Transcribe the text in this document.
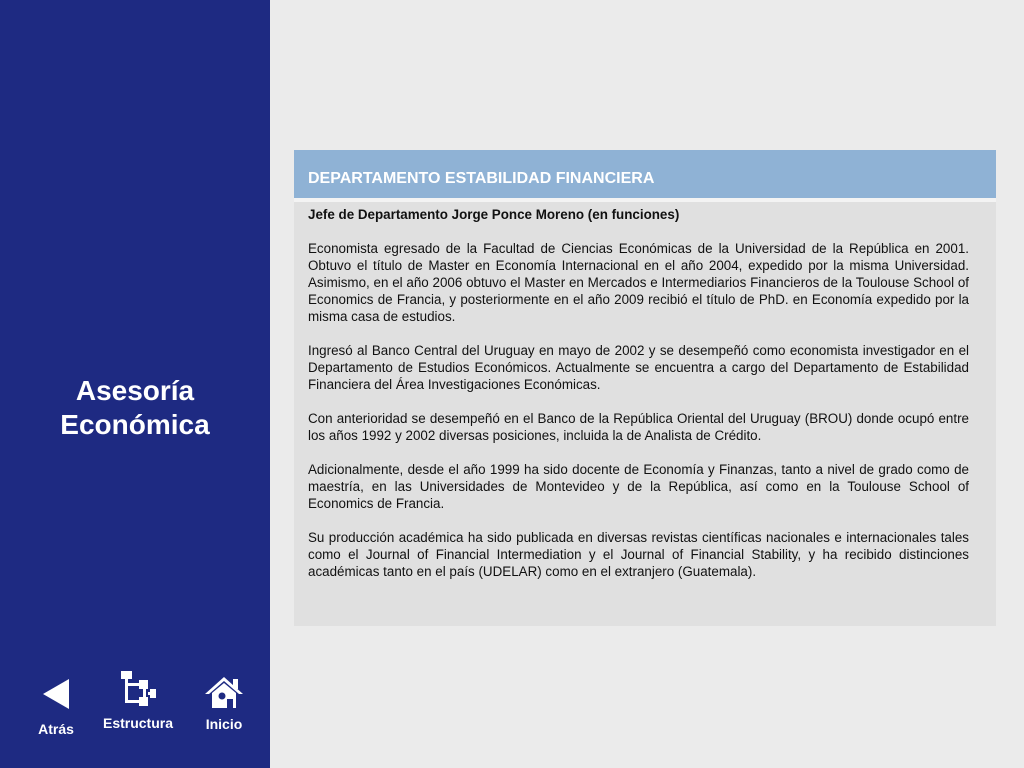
Asesoría
Económica
Atrás	Estructura	Inicio
DEPARTAMENTO ESTABILIDAD FINANCIERA

Jefe de Departamento Jorge Ponce Moreno (en funciones)

Economista egresado de la Facultad de Ciencias Económicas de la Universidad de la República en 2001. Obtuvo el título de Master en Economía Internacional en el año 2004, expedido por la misma Universidad. Asimismo, en el año 2006 obtuvo el Master en Mercados e Intermediarios Financieros de la Toulouse School of Economics de Francia, y posteriormente en el año 2009 recibió el título de PhD. en Economía expedido por la misma casa de estudios.

Ingresó al Banco Central del Uruguay en mayo de 2002 y se desempeñó como economista investigador en el Departamento de Estudios Económicos. Actualmente se encuentra a cargo del Departamento de Estabilidad Financiera del Área Investigaciones Económicas.

Con anterioridad se desempeñó en el Banco de la República Oriental del Uruguay (BROU) donde ocupó entre los años 1992 y 2002 diversas posiciones, incluida la de Analista de Crédito.

Adicionalmente, desde el año 1999 ha sido docente de Economía y Finanzas, tanto a nivel de grado como de maestría, en las Universidades de Montevideo y de la República, así como en la Toulouse School of Economics de Francia.

Su producción académica ha sido publicada en diversas revistas científicas nacionales e internacionales tales como el Journal of Financial Intermediation y el Journal of Financial Stability, y ha recibido distinciones académicas tanto en el país (UDELAR) como en el extranjero (Guatemala).
